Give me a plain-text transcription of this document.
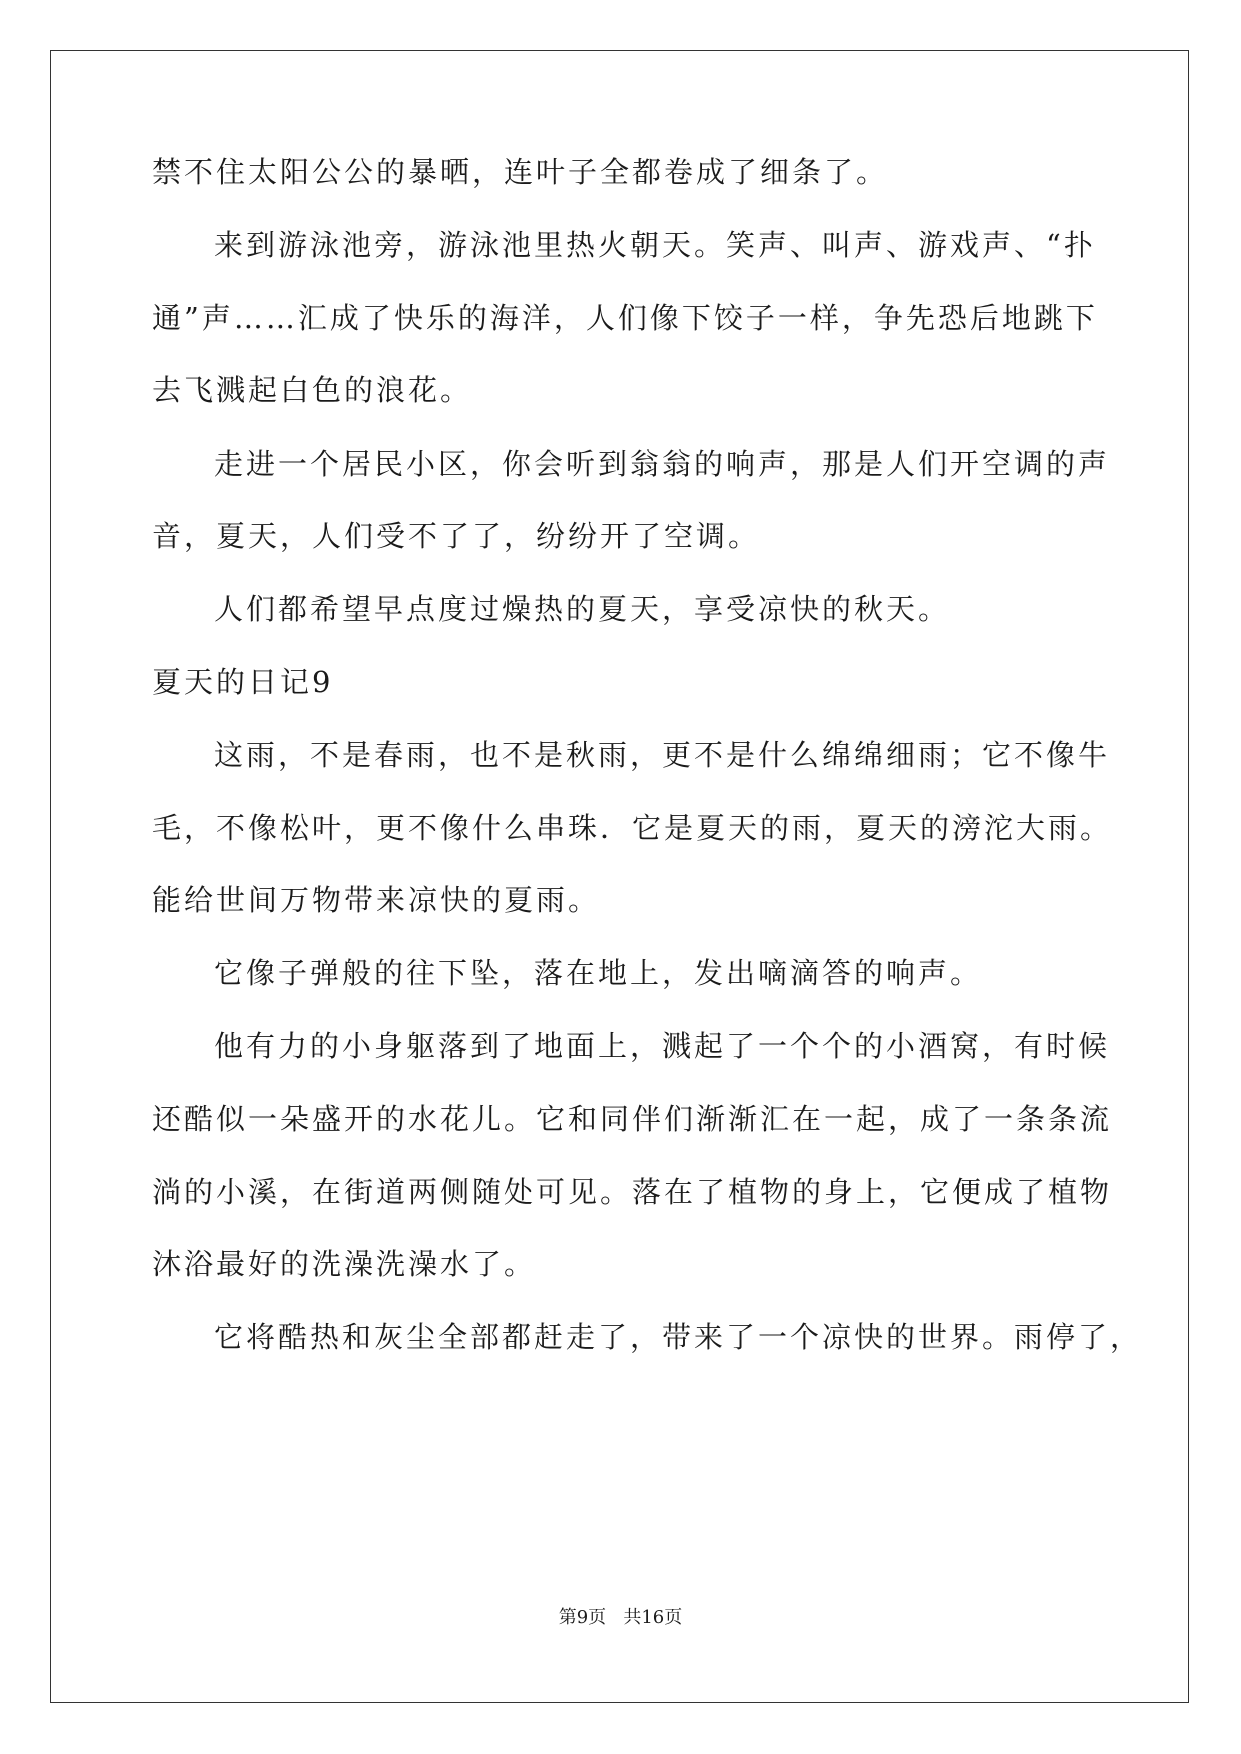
禁不住太阳公公的暴晒，连叶子全都卷成了细条了。
来到游泳池旁，游泳池里热火朝天。笑声、叫声、游戏声、“扑
通”声……汇成了快乐的海洋，人们像下饺子一样，争先恐后地跳下
去飞溅起白色的浪花。
走进一个居民小区，你会听到翁翁的响声，那是人们开空调的声
音，夏天，人们受不了了，纷纷开了空调。
人们都希望早点度过燥热的夏天，享受凉快的秋天。
夏天的日记9
这雨，不是春雨，也不是秋雨，更不是什么绵绵细雨；它不像牛
毛，不像松叶，更不像什么串珠．它是夏天的雨，夏天的滂沱大雨。
能给世间万物带来凉快的夏雨。
它像子弹般的往下坠，落在地上，发出嘀滴答的响声。
他有力的小身躯落到了地面上，溅起了一个个的小酒窝，有时候
还酷似一朵盛开的水花儿。它和同伴们渐渐汇在一起，成了一条条流
淌的小溪，在街道两侧随处可见。落在了植物的身上，它便成了植物
沐浴最好的洗澡洗澡水了。
它将酷热和灰尘全部都赶走了，带来了一个凉快的世界。雨停了，
第9页   共16页
